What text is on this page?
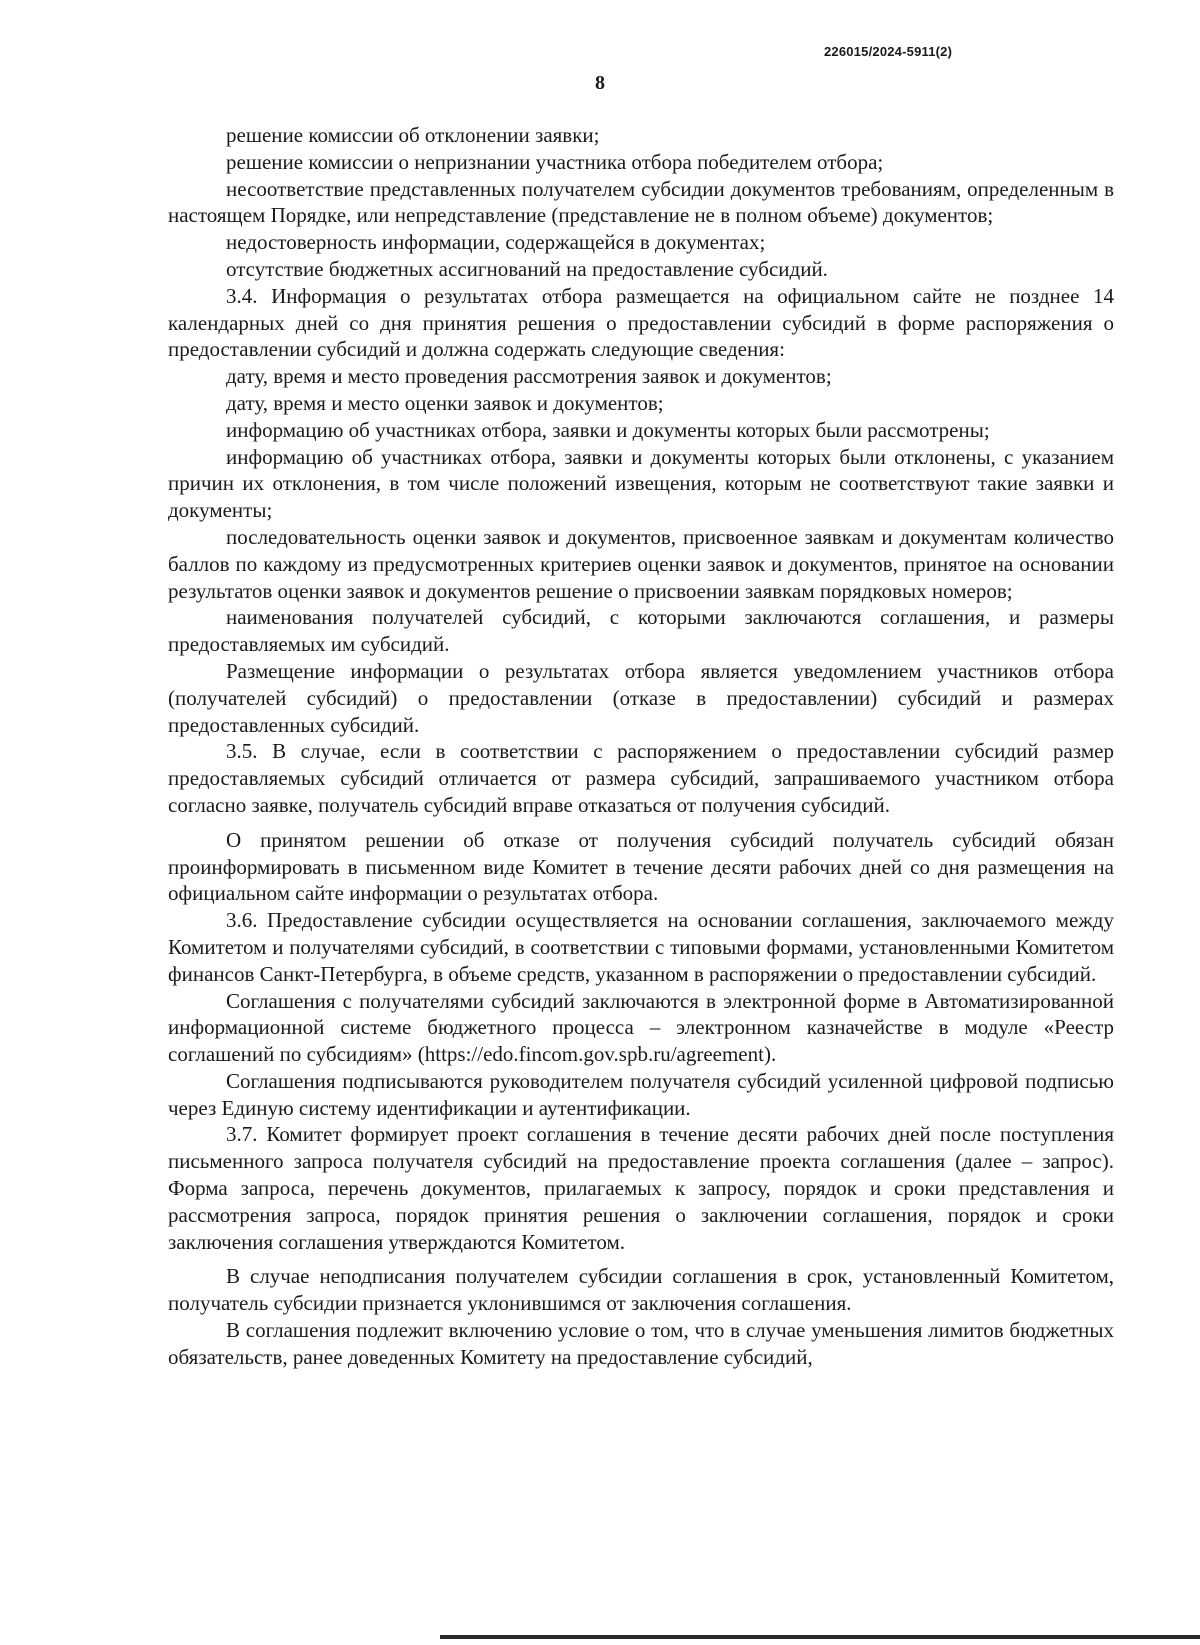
226015/2024-5911(2)
8

решение комиссии об отклонении заявки;

решение комиссии о непризнании участника отбора победителем отбора;

несоответствие представленных получателем субсидии документов требованиям, определенным в настоящем Порядке, или непредставление (представление не в полном объеме) документов;

недостоверность информации, содержащейся в документах;

отсутствие бюджетных ассигнований на предоставление субсидий.

3.4. Информация о результатах отбора размещается на официальном сайте не позднее 14 календарных дней со дня принятия решения о предоставлении субсидий в форме распоряжения о предоставлении субсидий и должна содержать следующие сведения:

дату, время и место проведения рассмотрения заявок и документов;

дату, время и место оценки заявок и документов;

информацию об участниках отбора, заявки и документы которых были рассмотрены;

информацию об участниках отбора, заявки и документы которых были отклонены, с указанием причин их отклонения, в том числе положений извещения, которым не соответствуют такие заявки и документы;

последовательность оценки заявок и документов, присвоенное заявкам и документам количество баллов по каждому из предусмотренных критериев оценки заявок и документов, принятое на основании результатов оценки заявок и документов решение о присвоении заявкам порядковых номеров;

наименования получателей субсидий, с которыми заключаются соглашения, и размеры предоставляемых им субсидий.

Размещение информации о результатах отбора является уведомлением участников отбора (получателей субсидий) о предоставлении (отказе в предоставлении) субсидий и размерах предоставленных субсидий.

3.5. В случае, если в соответствии с распоряжением о предоставлении субсидий размер предоставляемых субсидий отличается от размера субсидий, запрашиваемого участником отбора согласно заявке, получатель субсидий вправе отказаться от получения субсидий.

О принятом решении об отказе от получения субсидий получатель субсидий обязан проинформировать в письменном виде Комитет в течение десяти рабочих дней со дня размещения на официальном сайте информации о результатах отбора.

3.6. Предоставление субсидии осуществляется на основании соглашения, заключаемого между Комитетом и получателями субсидий, в соответствии с типовыми формами, установленными Комитетом финансов Санкт-Петербурга, в объеме средств, указанном в распоряжении о предоставлении субсидий.

Соглашения с получателями субсидий заключаются в электронной форме в Автоматизированной информационной системе бюджетного процесса – электронном казначействе в модуле «Реестр соглашений по субсидиям» (https://edo.fincom.gov.spb.ru/agreement).

Соглашения подписываются руководителем получателя субсидий усиленной цифровой подписью через Единую систему идентификации и аутентификации.

3.7. Комитет формирует проект соглашения в течение десяти рабочих дней после поступления письменного запроса получателя субсидий на предоставление проекта соглашения (далее – запрос). Форма запроса, перечень документов, прилагаемых к запросу, порядок и сроки представления и рассмотрения запроса, порядок принятия решения о заключении соглашения, порядок и сроки заключения соглашения утверждаются Комитетом.

В случае неподписания получателем субсидии соглашения в срок, установленный Комитетом, получатель субсидии признается уклонившимся от заключения соглашения.

В соглашения подлежит включению условие о том, что в случае уменьшения лимитов бюджетных обязательств, ранее доведенных Комитету на предоставление субсидий,
